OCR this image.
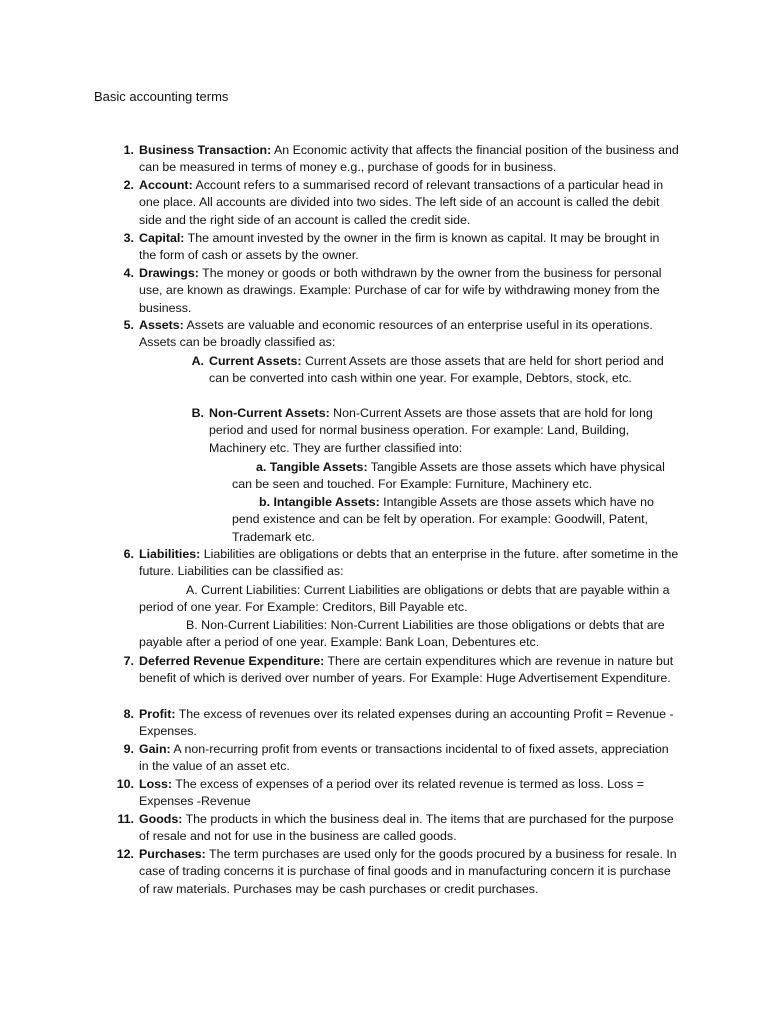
Basic accounting terms
1. Business Transaction: An Economic activity that affects the financial position of the business and can be measured in terms of money e.g., purchase of goods for in business.
2. Account: Account refers to a summarised record of relevant transactions of a particular head in one place. All accounts are divided into two sides. The left side of an account is called the debit side and the right side of an account is called the credit side.
3. Capital: The amount invested by the owner in the firm is known as capital. It may be brought in the form of cash or assets by the owner.
4. Drawings: The money or goods or both withdrawn by the owner from the business for personal use, are known as drawings. Example: Purchase of car for wife by withdrawing money from the business.
5. Assets: Assets are valuable and economic resources of an enterprise useful in its operations. Assets can be broadly classified as:
A. Current Assets: Current Assets are those assets that are held for short period and can be converted into cash within one year. For example, Debtors, stock, etc.
B. Non-Current Assets: Non-Current Assets are those assets that are hold for long period and used for normal business operation. For example: Land, Building, Machinery etc. They are further classified into:
a. Tangible Assets: Tangible Assets are those assets which have physical can be seen and touched. For Example: Furniture, Machinery etc.
b. Intangible Assets: Intangible Assets are those assets which have no pend existence and can be felt by operation. For example: Goodwill, Patent, Trademark etc.
6. Liabilities: Liabilities are obligations or debts that an enterprise in the future. after sometime in the future. Liabilities can be classified as:
A. Current Liabilities: Current Liabilities are obligations or debts that are payable within a period of one year. For Example: Creditors, Bill Payable etc.
B. Non-Current Liabilities: Non-Current Liabilities are those obligations or debts that are payable after a period of one year. Example: Bank Loan, Debentures etc.
7. Deferred Revenue Expenditure: There are certain expenditures which are revenue in nature but benefit of which is derived over number of years. For Example: Huge Advertisement Expenditure.
8. Profit: The excess of revenues over its related expenses during an accounting Profit = Revenue - Expenses.
9. Gain: A non-recurring profit from events or transactions incidental to of fixed assets, appreciation in the value of an asset etc.
10. Loss: The excess of expenses of a period over its related revenue is termed as loss. Loss = Expenses -Revenue
11. Goods: The products in which the business deal in. The items that are purchased for the purpose of resale and not for use in the business are called goods.
12. Purchases: The term purchases are used only for the goods procured by a business for resale. In case of trading concerns it is purchase of final goods and in manufacturing concern it is purchase of raw materials. Purchases may be cash purchases or credit purchases.
